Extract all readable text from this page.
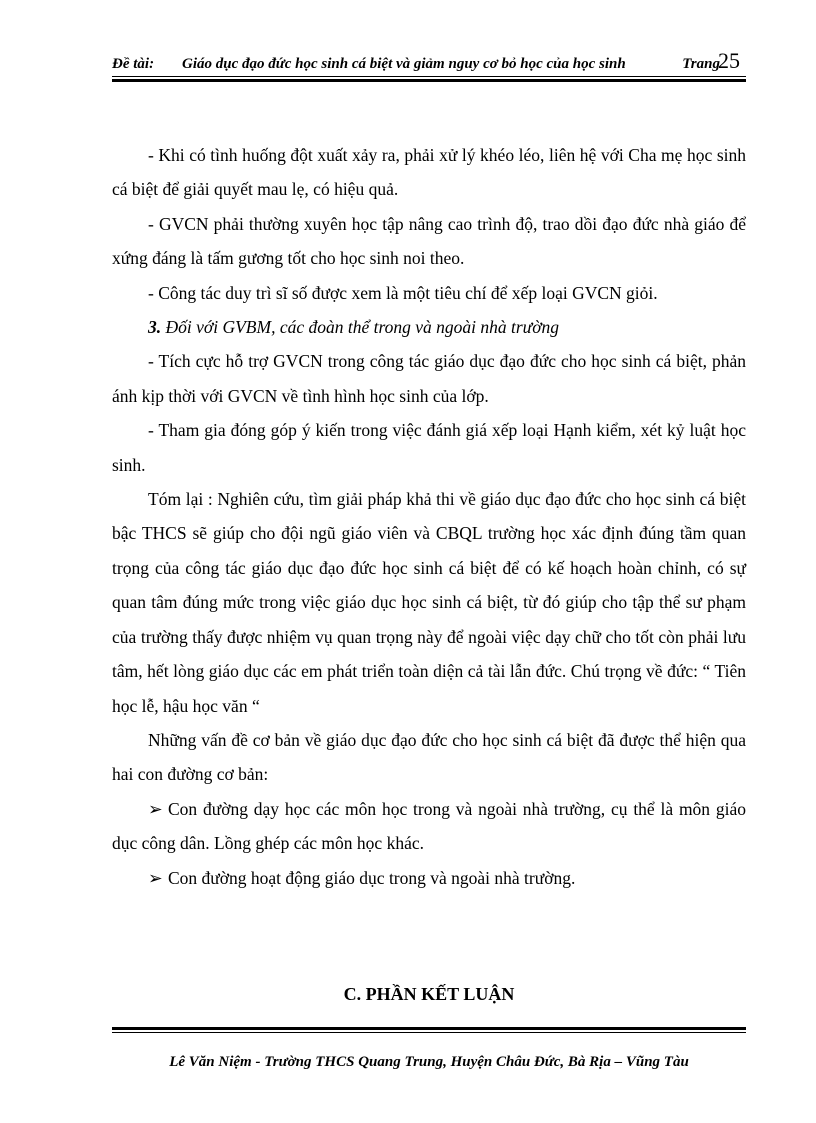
Đề tài: Giáo dục đạo đức học sinh cá biệt và giảm nguy cơ bỏ học của học sinh	Trang
25

- Khi có tình huống đột xuất xảy ra, phải xử lý khéo léo, liên hệ với Cha mẹ học sinh cá biệt để giải quyết mau lẹ, có hiệu quả.

- GVCN phải thường xuyên học tập nâng cao trình độ, trao dồi đạo đức nhà giáo để xứng đáng là tấm gương tốt cho học sinh noi theo.

- Công tác duy trì sĩ số được xem là một tiêu chí để xếp loại GVCN giỏi.

3. Đối với GVBM, các đoàn thể trong và ngoài nhà trường

- Tích cực hỗ trợ GVCN trong công tác giáo dục đạo đức cho học sinh cá biệt, phản ánh kịp thời với GVCN về tình hình học sinh của lớp.

- Tham gia đóng góp ý kiến trong việc đánh giá xếp loại Hạnh kiểm, xét kỷ luật học sinh.

Tóm lại : Nghiên cứu, tìm giải pháp khả thi về giáo dục đạo đức cho học sinh cá biệt bậc THCS sẽ giúp cho đội ngũ giáo viên và CBQL trường học xác định đúng tầm quan trọng của công tác giáo dục đạo đức học sinh cá biệt để có kế hoạch hoàn chỉnh, có sự quan tâm đúng mức trong việc giáo dục học sinh cá biệt, từ đó giúp cho tập thể sư phạm của trường thấy được nhiệm vụ quan trọng này để ngoài việc dạy chữ cho tốt còn phải lưu tâm, hết lòng giáo dục các em phát triển toàn diện cả tài lẫn đức. Chú trọng về đức: “ Tiên học lễ, hậu học văn “

Những vấn đề cơ bản về giáo dục đạo đức cho học sinh cá biệt đã được thể hiện qua hai con đường cơ bản:

➢ Con đường dạy học các môn học trong và ngoài nhà trường, cụ thể là môn giáo dục công dân. Lồng ghép các môn học khác.

➢ Con đường hoạt động giáo dục trong và ngoài nhà trường.

C. PHẦN KẾT LUẬN
Lê Văn Niệm - Trường THCS Quang Trung, Huyện Châu Đức, Bà Rịa – Vũng Tàu
